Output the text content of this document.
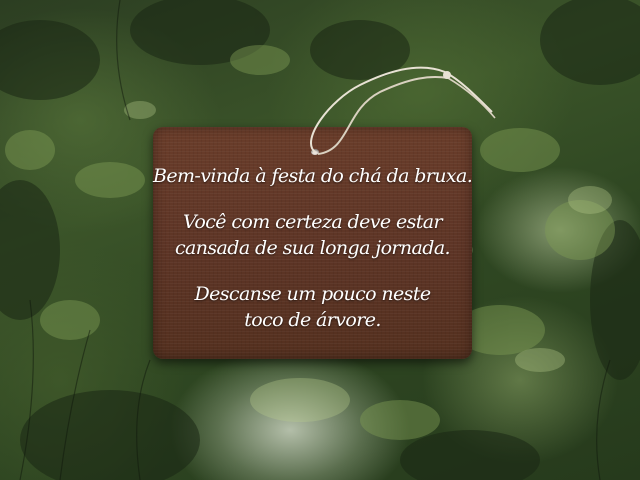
Bem-vinda à festa do chá da bruxa.
Você com certeza deve estar
cansada de sua longa jornada.
Descanse um pouco neste
toco de árvore.
